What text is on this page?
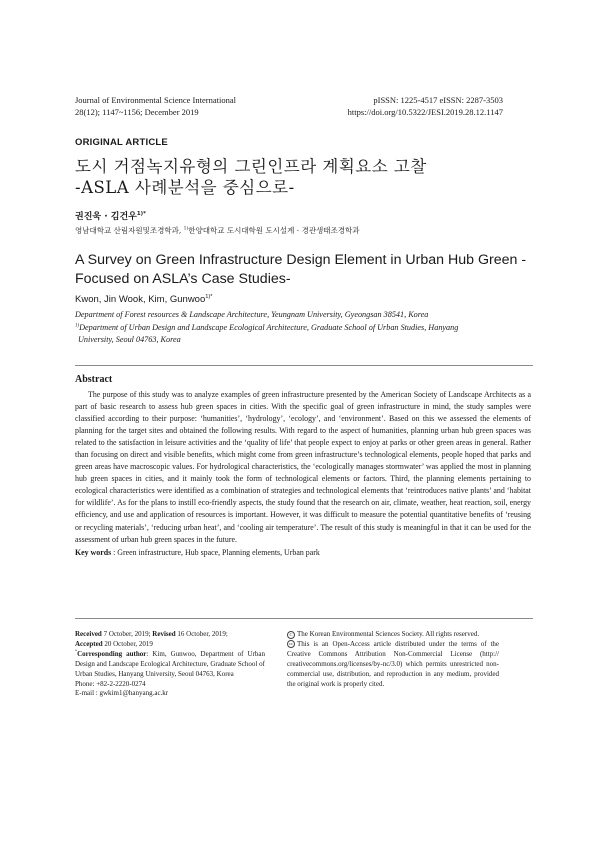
Journal of Environmental Science International
28(12); 1147~1156; December 2019
pISSN: 1225-4517 eISSN: 2287-3503
https://doi.org/10.5322/JESI.2019.28.12.1147
ORIGINAL ARTICLE
도시 거점녹지유형의 그린인프라 계획요소 고찰
-ASLA 사례분석을 중심으로-
권진욱 · 김건우$^{1)*}$
영남대학교 산림자원및조경학과, $^{1)}$한양대학교 도시대학원 도시설계 · 경관생태조경학과
A Survey on Green Infrastructure Design Element in Urban Hub Green - Focused on ASLA’s Case Studies-
Kwon, Jin Wook, Kim, Gunwoo$^{1)*}$
Department of Forest resources & Landscape Architecture, Yeungnam University, Gyeongsan 38541, Korea
$^{1)}$Department of Urban Design and Landscape Ecological Architecture, Graduate School of Urban Studies, Hanyang
University, Seoul 04763, Korea
Abstract
The purpose of this study was to analyze examples of green infrastructure presented by the American Society of Landscape Architects as a part of basic research to assess hub green spaces in cities. With the specific goal of green infrastructure in mind, the study samples were classified according to their purpose: ‘humanities’, ‘hydrology’, ‘ecology’, and ‘environment’. Based on this we assessed the elements of planning for the target sites and obtained the following results. With regard to the aspect of humanities, planning urban hub green spaces was related to the satisfaction in leisure activities and the ‘quality of life’ that people expect to enjoy at parks or other green areas in general. Rather than focusing on direct and visible benefits, which might come from green infrastructure’s technological elements, people hoped that parks and green areas have macroscopic values. For hydrological characteristics, the ‘ecologically manages stormwater’ was applied the most in planning hub green spaces in cities, and it mainly took the form of technological elements or factors. Third, the planning elements pertaining to ecological characteristics were identified as a combination of strategies and technological elements that ‘reintroduces native plants’ and ‘habitat for wildlife’. As for the plans to instill eco-friendly aspects, the study found that the research on air, climate, weather, heat reaction, soil, energy efficiency, and use and application of resources is important. However, it was difficult to measure the potential quantitative benefits of ‘reusing or recycling materials’, ‘reducing urban heat’, and ‘cooling air temperature’. The result of this study is meaningful in that it can be used for the assessment of urban hub green spaces in the future.
Key words : Green infrastructure, Hub space, Planning elements, Urban park
Received 7 October, 2019; Revised 16 October, 2019;
Accepted 20 October, 2019
*Corresponding author: Kim, Gunwoo, Department of Urban Design and Landscape Ecological Architecture, Graduate School of Urban Studies, Hanyang University, Seoul 04763, Korea
Phone: +82-2-2220-0274
E-mail : gwkim1@hanyang.ac.kr
C The Korean Environmental Sciences Society. All rights reserved.
cc This is an Open-Access article distributed under the terms of the Creative Commons Attribution Non-Commercial License (http:// creativecommons.org/licenses/by-nc/3.0) which permits unrestricted non-commercial use, distribution, and reproduction in any medium, provided the original work is properly cited.
